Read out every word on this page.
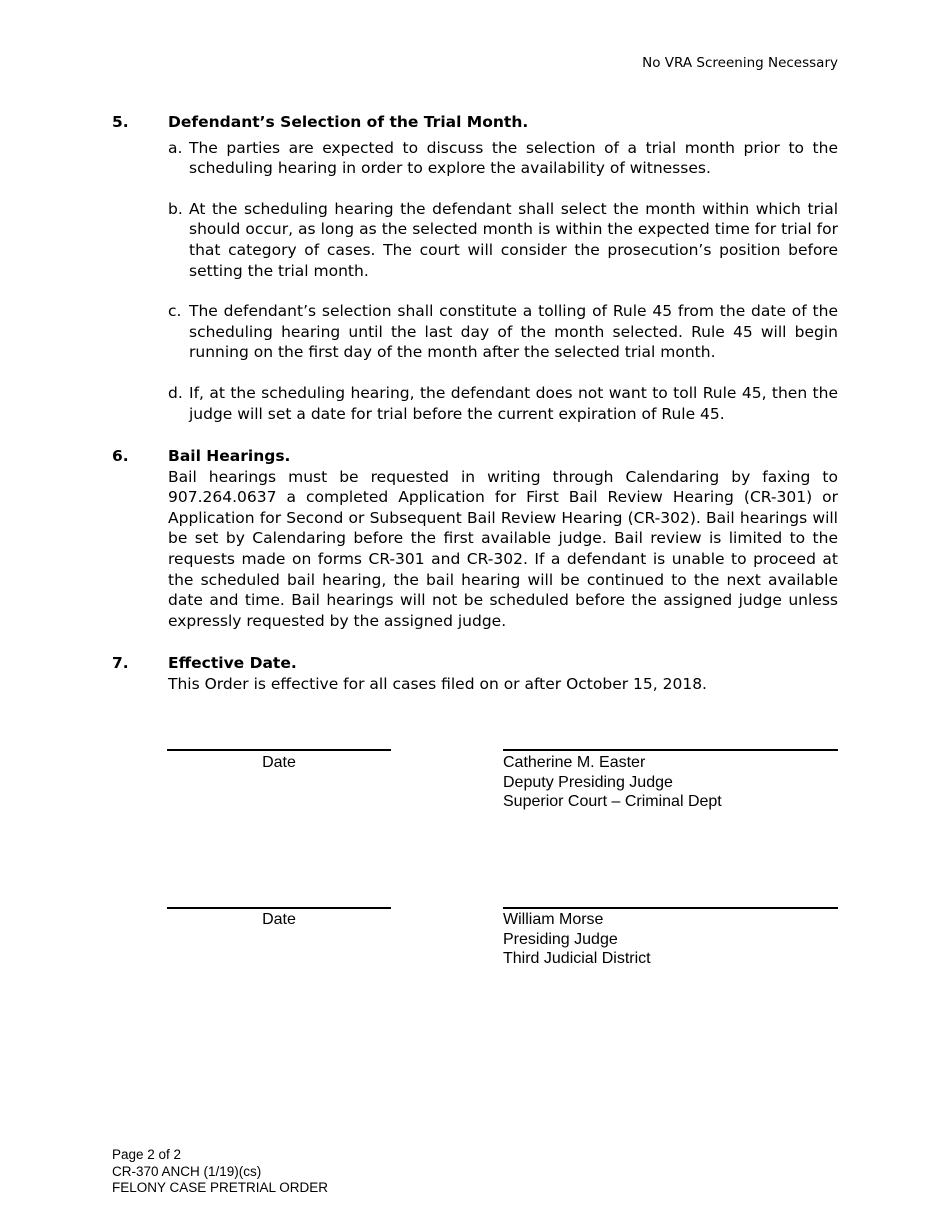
No VRA Screening Necessary
5.	Defendant’s Selection of the Trial Month.
a. The parties are expected to discuss the selection of a trial month prior to the scheduling hearing in order to explore the availability of witnesses.
b. At the scheduling hearing the defendant shall select the month within which trial should occur, as long as the selected month is within the expected time for trial for that category of cases. The court will consider the prosecution’s position before setting the trial month.
c. The defendant’s selection shall constitute a tolling of Rule 45 from the date of the scheduling hearing until the last day of the month selected. Rule 45 will begin running on the first day of the month after the selected trial month.
d. If, at the scheduling hearing, the defendant does not want to toll Rule 45, then the judge will set a date for trial before the current expiration of Rule 45.
6.	Bail Hearings.
Bail hearings must be requested in writing through Calendaring by faxing to 907.264.0637 a completed Application for First Bail Review Hearing (CR-301) or Application for Second or Subsequent Bail Review Hearing (CR-302). Bail hearings will be set by Calendaring before the first available judge. Bail review is limited to the requests made on forms CR-301 and CR-302. If a defendant is unable to proceed at the scheduled bail hearing, the bail hearing will be continued to the next available date and time. Bail hearings will not be scheduled before the assigned judge unless expressly requested by the assigned judge.
7.	Effective Date.
This Order is effective for all cases filed on or after October 15, 2018.
Date	Catherine M. Easter
Deputy Presiding Judge
Superior Court – Criminal Dept
Date	William Morse
Presiding Judge
Third Judicial District
Page 2 of 2
CR-370 ANCH (1/19)(cs)
FELONY CASE PRETRIAL ORDER
